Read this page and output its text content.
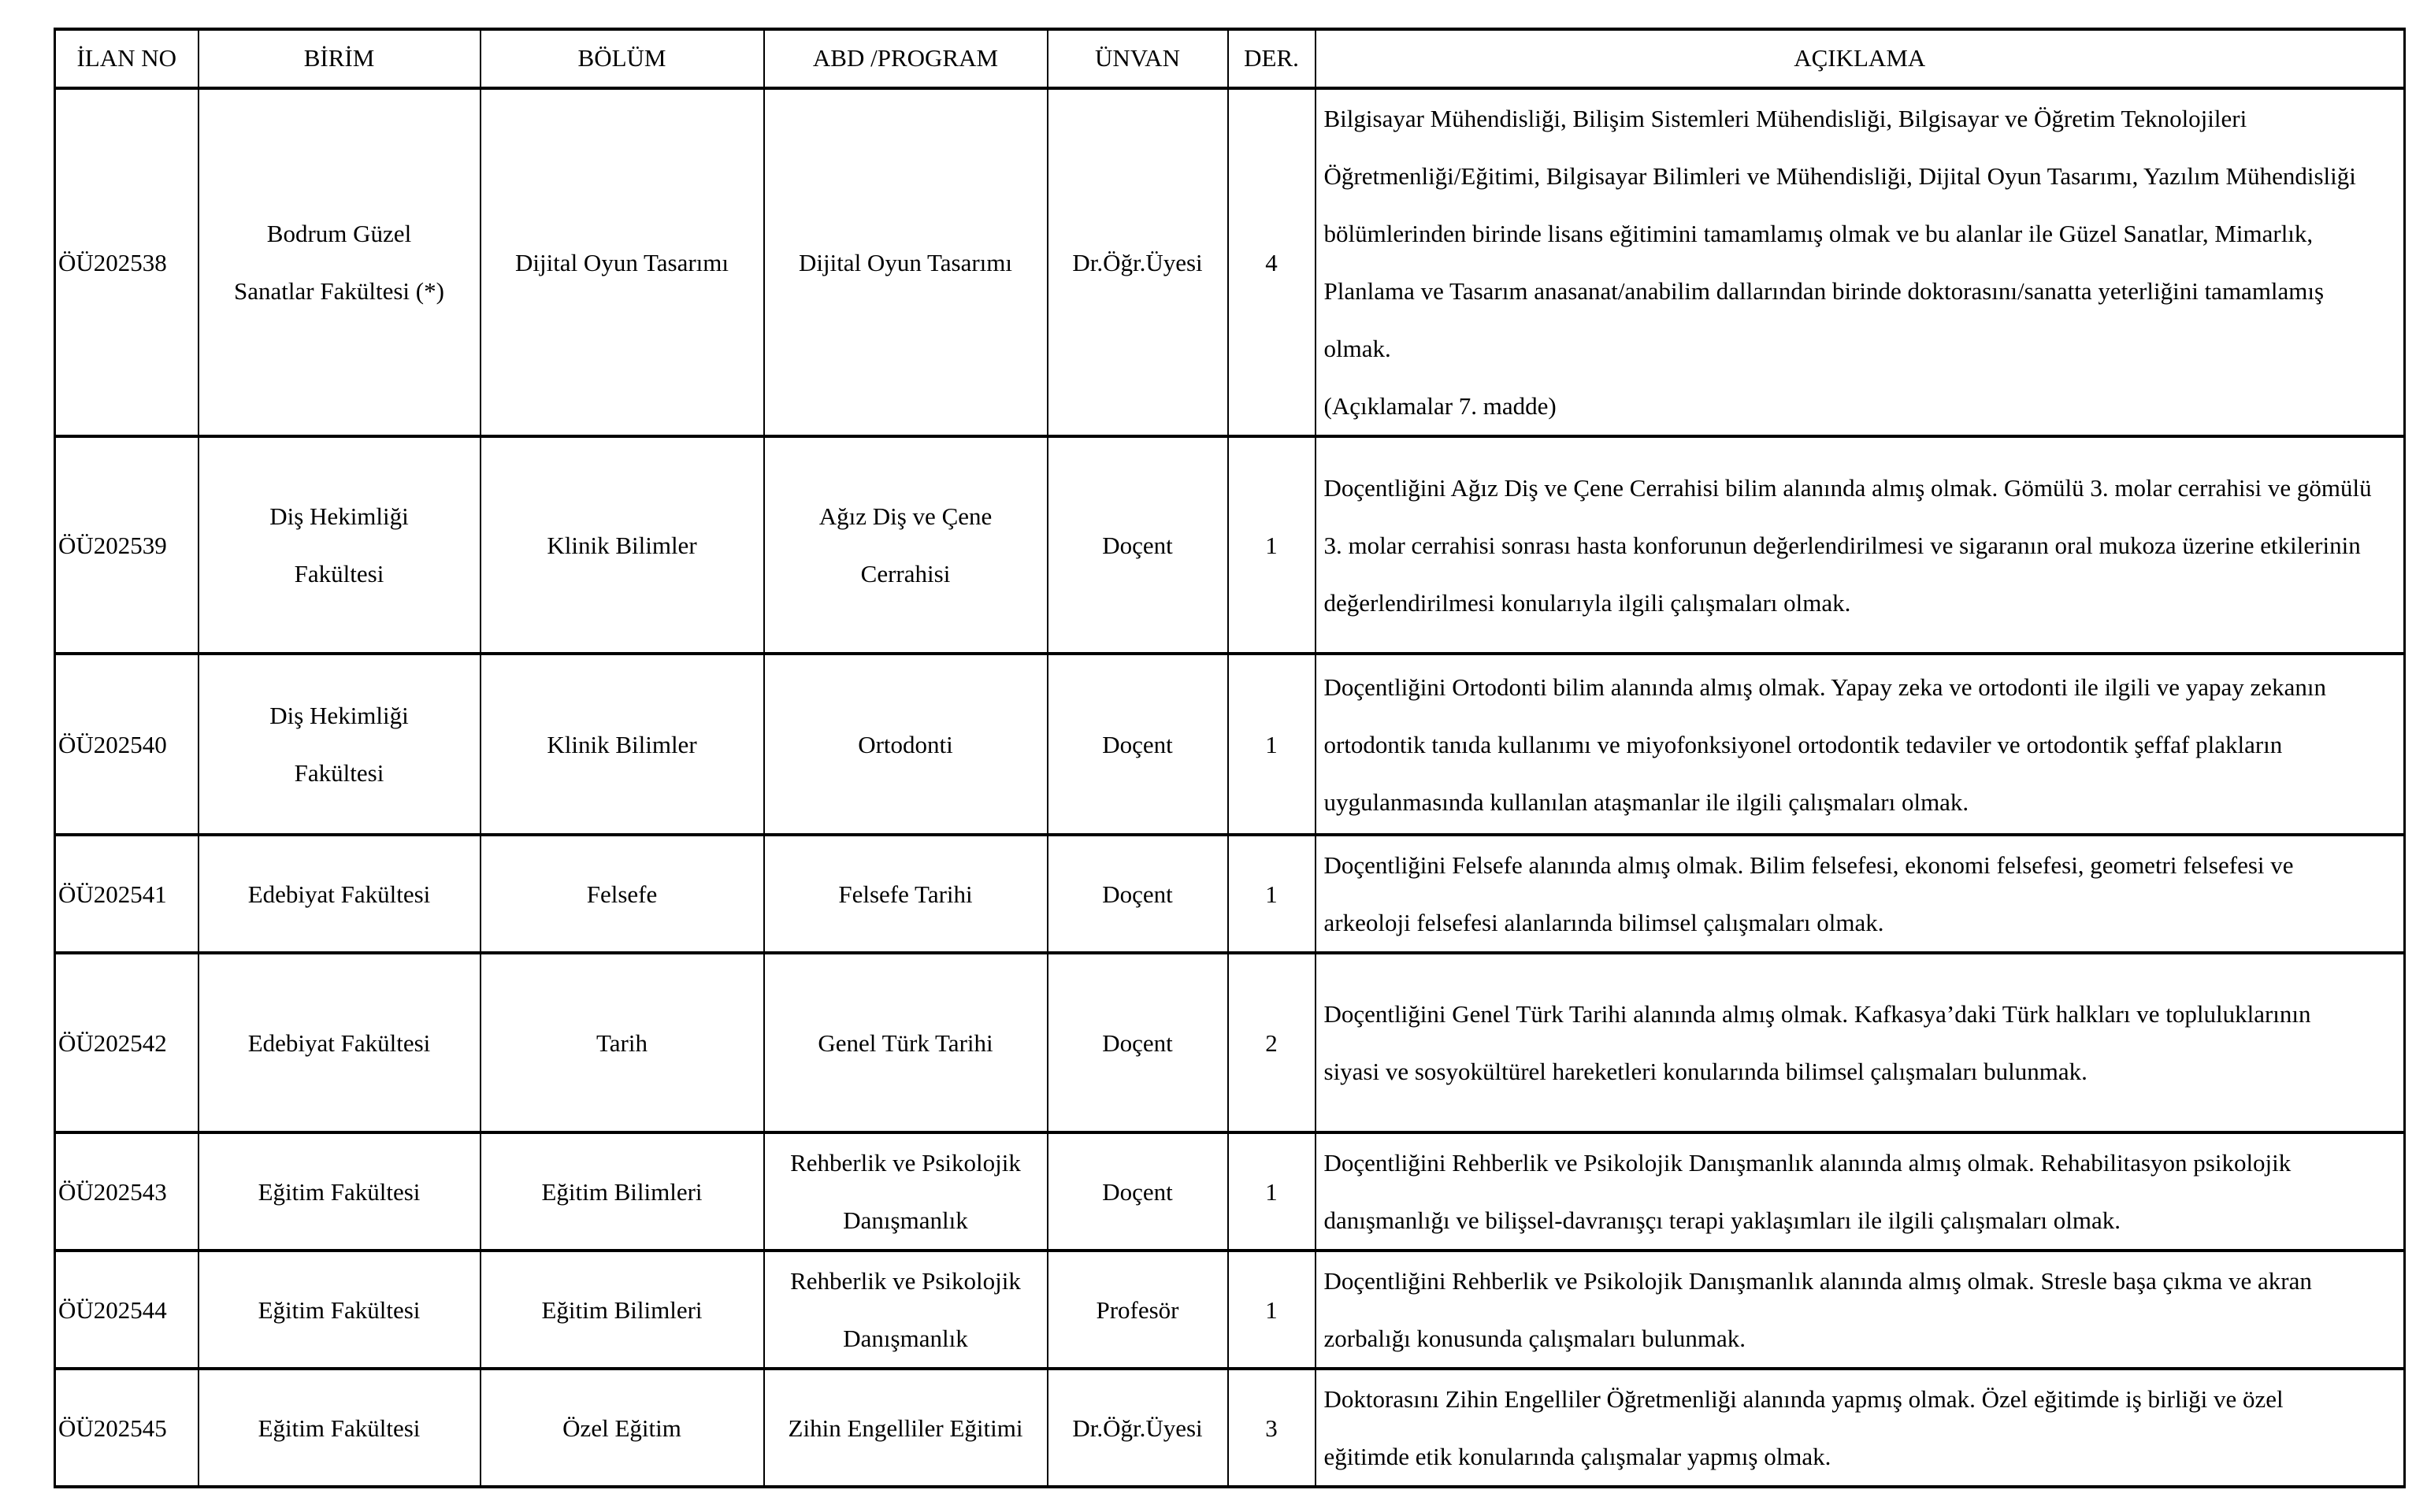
İLAN NO	BİRİM	BÖLÜM	ABD /PROGRAM	ÜNVAN	DER.	AÇIKLAMA
ÖÜ202538	Bodrum Güzel
Sanatlar Fakültesi (*)	Dijital Oyun Tasarımı	Dijital Oyun Tasarımı	Dr.Öğr.Üyesi	4	Bilgisayar Mühendisliği, Bilişim Sistemleri Mühendisliği, Bilgisayar ve Öğretim Teknolojileri Öğretmenliği/Eğitimi, Bilgisayar Bilimleri ve Mühendisliği, Dijital Oyun Tasarımı, Yazılım Mühendisliği bölümlerinden birinde lisans eğitimini tamamlamış olmak ve bu alanlar ile Güzel Sanatlar, Mimarlık, Planlama ve Tasarım anasanat/anabilim dallarından birinde doktorasını/sanatta yeterliğini tamamlamış olmak.
(Açıklamalar 7. madde)
ÖÜ202539	Diş Hekimliği
Fakültesi	Klinik Bilimler	Ağız Diş ve Çene
Cerrahisi	Doçent	1	Doçentliğini Ağız Diş ve Çene Cerrahisi bilim alanında almış olmak. Gömülü 3. molar cerrahisi ve gömülü 3. molar cerrahisi sonrası hasta konforunun değerlendirilmesi ve sigaranın oral mukoza üzerine etkilerinin değerlendirilmesi konularıyla ilgili çalışmaları olmak.
ÖÜ202540	Diş Hekimliği
Fakültesi	Klinik Bilimler	Ortodonti	Doçent	1	Doçentliğini Ortodonti bilim alanında almış olmak. Yapay zeka ve ortodonti ile ilgili ve yapay zekanın ortodontik tanıda kullanımı ve miyofonksiyonel ortodontik tedaviler ve ortodontik şeffaf plakların uygulanmasında kullanılan ataşmanlar ile ilgili çalışmaları olmak.
ÖÜ202541	Edebiyat Fakültesi	Felsefe	Felsefe Tarihi	Doçent	1	Doçentliğini Felsefe alanında almış olmak. Bilim felsefesi, ekonomi felsefesi, geometri felsefesi ve arkeoloji felsefesi alanlarında bilimsel çalışmaları olmak.
ÖÜ202542	Edebiyat Fakültesi	Tarih	Genel Türk Tarihi	Doçent	2	Doçentliğini Genel Türk Tarihi alanında almış olmak. Kafkasya’daki Türk halkları ve topluluklarının siyasi ve sosyokültürel hareketleri konularında bilimsel çalışmaları bulunmak.
ÖÜ202543	Eğitim Fakültesi	Eğitim Bilimleri	Rehberlik ve Psikolojik
Danışmanlık	Doçent	1	Doçentliğini Rehberlik ve Psikolojik Danışmanlık alanında almış olmak. Rehabilitasyon psikolojik danışmanlığı ve bilişsel-davranışçı terapi yaklaşımları ile ilgili çalışmaları olmak.
ÖÜ202544	Eğitim Fakültesi	Eğitim Bilimleri	Rehberlik ve Psikolojik
Danışmanlık	Profesör	1	Doçentliğini Rehberlik ve Psikolojik Danışmanlık alanında almış olmak. Stresle başa çıkma ve akran zorbalığı konusunda çalışmaları bulunmak.
ÖÜ202545	Eğitim Fakültesi	Özel Eğitim	Zihin Engelliler Eğitimi	Dr.Öğr.Üyesi	3	Doktorasını Zihin Engelliler Öğretmenliği alanında yapmış olmak. Özel eğitimde iş birliği ve özel eğitimde etik konularında çalışmalar yapmış olmak.
